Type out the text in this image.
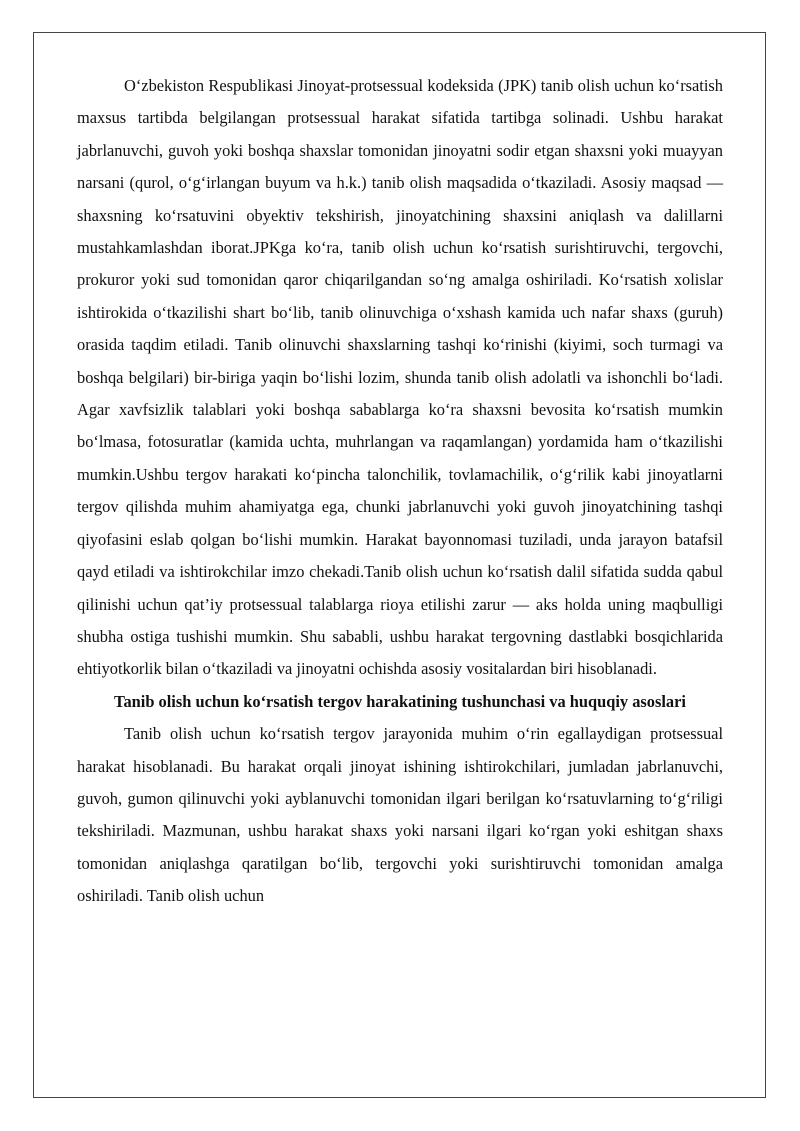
O‘zbekiston Respublikasi Jinoyat-protsessual kodeksida (JPK) tanib olish uchun ko‘rsatish maxsus tartibda belgilangan protsessual harakat sifatida tartibga solinadi. Ushbu harakat jabrlanuvchi, guvoh yoki boshqa shaxslar tomonidan jinoyatni sodir etgan shaxsni yoki muayyan narsani (qurol, o‘g‘irlangan buyum va h.k.) tanib olish maqsadida o‘tkaziladi. Asosiy maqsad — shaxsning ko‘rsatuvini obyektiv tekshirish, jinoyatchining shaxsini aniqlash va dalillarni mustahkamlashdan iborat.JPKga ko‘ra, tanib olish uchun ko‘rsatish surishtiruvchi, tergovchi, prokuror yoki sud tomonidan qaror chiqarilgandan so‘ng amalga oshiriladi. Ko‘rsatish xolislar ishtirokida o‘tkazilishi shart bo‘lib, tanib olinuvchiga o‘xshash kamida uch nafar shaxs (guruh) orasida taqdim etiladi. Tanib olinuvchi shaxslarning tashqi ko‘rinishi (kiyimi, soch turmagi va boshqa belgilari) bir-biriga yaqin bo‘lishi lozim, shunda tanib olish adolatli va ishonchli bo‘ladi. Agar xavfsizlik talablari yoki boshqa sabablarga ko‘ra shaxsni bevosita ko‘rsatish mumkin bo‘lmasa, fotosuratlar (kamida uchta, muhrlangan va raqamlangan) yordamida ham o‘tkazilishi mumkin.Ushbu tergov harakati ko‘pincha talonchilik, tovlamachilik, o‘g‘rilik kabi jinoyatlarni tergov qilishda muhim ahamiyatga ega, chunki jabrlanuvchi yoki guvoh jinoyatchining tashqi qiyofasini eslab qolgan bo‘lishi mumkin. Harakat bayonnomasi tuziladi, unda jarayon batafsil qayd etiladi va ishtirokchilar imzo chekadi.Tanib olish uchun ko‘rsatish dalil sifatida sudda qabul qilinishi uchun qat’iy protsessual talablarga rioya etilishi zarur — aks holda uning maqbulligi shubha ostiga tushishi mumkin. Shu sababli, ushbu harakat tergovning dastlabki bosqichlarida ehtiyotkorlik bilan o‘tkaziladi va jinoyatni ochishda asosiy vositalardan biri hisoblanadi.

Tanib olish uchun ko‘rsatish tergov harakatining tushunchasi va huquqiy asoslari

Tanib olish uchun ko‘rsatish tergov jarayonida muhim o‘rin egallaydigan protsessual harakat hisoblanadi. Bu harakat orqali jinoyat ishining ishtirokchilari, jumladan jabrlanuvchi, guvoh, gumon qilinuvchi yoki ayblanuvchi tomonidan ilgari berilgan ko‘rsatuvlarning to‘g‘riligi tekshiriladi. Mazmunan, ushbu harakat shaxs yoki narsani ilgari ko‘rgan yoki eshitgan shaxs tomonidan aniqlashga qaratilgan bo‘lib, tergovchi yoki surishtiruvchi tomonidan amalga oshiriladi. Tanib olish uchun
